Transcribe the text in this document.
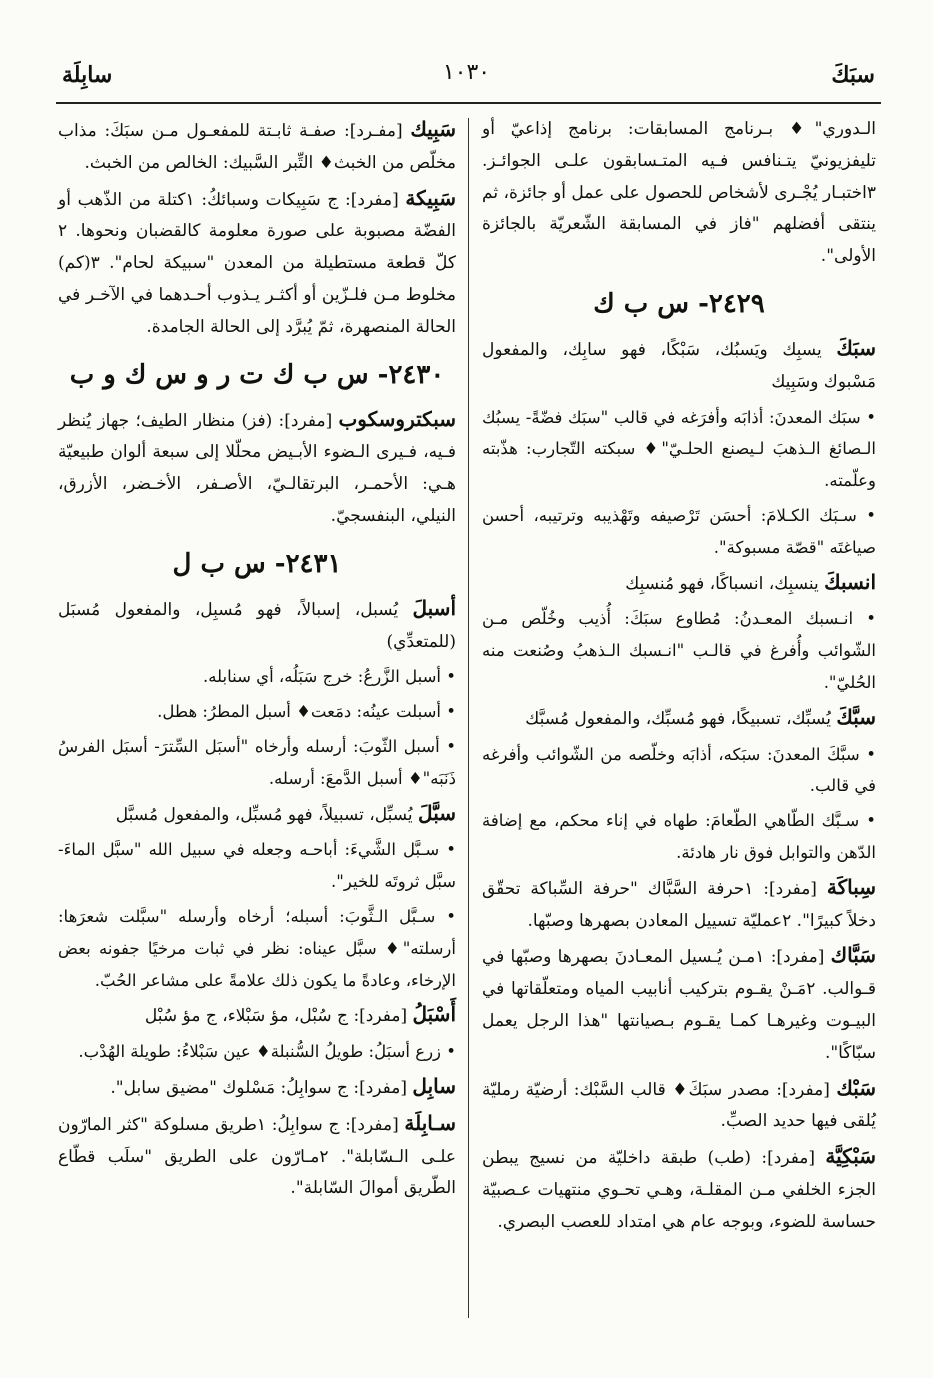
سبَكَ
١٠٣٠
سابِلَة

الـدوري"♦ بـرنامج المسابقات: برنامج إذاعيّ أو تليفزيونيّ يتـنافس فـيه المتـسابقون علـى الجوائـز. ٣اختبـار يُجْـرى لأشخاص للحصول على عمل أو جائزة، ثم ينتقى أفضلهم "فاز في المسابقة الشّعريّة بالجائزة الأولى".

٢٤٢٩- س ب ك

سبَكَ يسبِك ويَسبُك، سَبْكًا، فهو سابِك، والمفعول مَسْبوك وسَبِيك

• سبَك المعدنَ: أذابَه وأفرَغه في قالب "سبَك فضّةً- يسبُك الـصائغ الـذهبَ لـيصنع الحلـيّ"♦ سبكته التّجارب: هذّبته وعلّمته.

• سـبَك الكـلامَ: أحسَن تَرْصيفه وتَهْذيبه وترتيبه، أحسن صياغتَه "قصّة مسبوكة".

انسبكَ ينسبِك، انسباكًا، فهو مُنسبِك

• انـسبك المعـدنُ: مُطاوع سبَكَ: أُذيب وخُلّص مـن الشّوائب وأُفرغ في قالـب "انـسبك الـذهبُ وصُنعت منه الحُليّ".

سبَّكَ يُسبِّك، تسبيكًا، فهو مُسبِّك، والمفعول مُسبَّك

• سبَّكَ المعدنَ: سبَكه، أذابَه وخلّصه من الشّوائب وأفرغه في قالب.

• سـبَّك الطّاهي الطّعامَ: طهاه في إناء محكم، مع إضافة الدّهن والتوابل فوق نار هادئة.

سِباكَة [مفرد]: ١حرفة السَّبَّاك "حرفة السِّباكة تحقّق دخلاً كبيرًا". ٢عمليّة تسييل المعادن بصهرها وصبّها.

سَبَّاك [مفرد]: ١مـن يُـسيل المعـادنَ بصهرها وصبّها في قـوالب. ٢مَـنْ يقـوم بتركيب أنابيب المياه ومتعلّقاتها في البيـوت وغيرهـا كمـا يقـوم بـصيانتها "هذا الرجل يعمل سبّاكًا".

سَبْك [مفرد]: مصدر سبَكَ♦ قالب السَّبْك: أرضيّة رمليّة يُلقى فيها حديد الصبِّ.

سَبْكِيَّة [مفرد]: (طب) طبقة داخليّة من نسيج يبطن الجزء الخلفي مـن المقلـة، وهـي تحـوي منتهيات عـصبيّة حساسة للضوء، وبوجه عام هي امتداد للعصب البصري.

سَبِيك [مفـرد]: صفـة ثابـتة للمفعـول مـن سبَكَ: مذاب مخلّص من الخبث♦ التِّبر السَّبيك: الخالص من الخبث.

سَبِيكة [مفرد]: ج سَبِيكات وسبائكُ: ١كتلة من الذّهب أو الفضّة مصبوبة على صورة معلومة كالقضبان ونحوها. ٢ كلّ قطعة مستطيلة من المعدن "سبيكة لحام". ٣(كم) مخلوط مـن فلـزّين أو أكثـر يـذوب أحـدهما في الآخـر في الحالة المنصهرة، ثمّ يُبرَّد إلى الحالة الجامدة.

٢٤٣٠- س ب ك ت ر و س ك و ب

سبكتروسكوب [مفرد]: (فز) منظار الطيف؛ جهاز يُنظر فـيه، فـيرى الـضوء الأبـيض محلّلا إلى سبعة ألوان طبيعيّة هـي: الأحمـر، البرتقالـيّ، الأصـفر، الأخـضر، الأزرق، النيلي، البنفسجيّ.

٢٤٣١- س ب ل

أسبلَ يُسبل، إسبالاً، فهو مُسبِل، والمفعول مُسبَل (للمتعدِّي)

• أسبل الزَّرعُ: خرج سَبَلُه، أي سنابله.

• أسبلت عينُه: دمَعت♦ أسبل المطرُ: هطل.

• أسبل الثّوبَ: أرسله وأرخاه "أسبَل السِّترَ- أسبَل الفرسُ ذَنَبَه"♦ أسبل الدَّمعَ: أرسله.

سبَّلَ يُسبِّل، تسبيلاً، فهو مُسبِّل، والمفعول مُسبَّل

• سـبَّل الشَّيءَ: أباحـه وجعله في سبيل الله "سبَّل الماءَ- سبَّل ثروتَه للخير".

• سـبَّل الـثَّوبَ: أسبله؛ أرخاه وأرسله "سبَّلت شعرَها: أرسلته"♦ سبَّل عيناه: نظر في ثبات مرخيًا جفونه بعض الإرخاء، وعادةً ما يكون ذلك علامةً على مشاعر الحُبّ.

أَسْبَلُ [مفرد]: ج سُبْل، مؤ سَبْلاء، ج مؤ سُبْل

• زرع أسبَلُ: طويلُ السُّنبلة♦ عين سَبْلاءُ: طويلة الهُدْب.

سابِل [مفرد]: ج سوابِلُ: مَسْلوك "مضيق سابل".

سـابِلَة [مفرد]: ج سوابِلُ: ١طريق مسلوكة "كثر المارّون علـى الـسّابلة". ٢مـارّون على الطريق "سلَب قطّاع الطّريق أموالَ السّابلة".
